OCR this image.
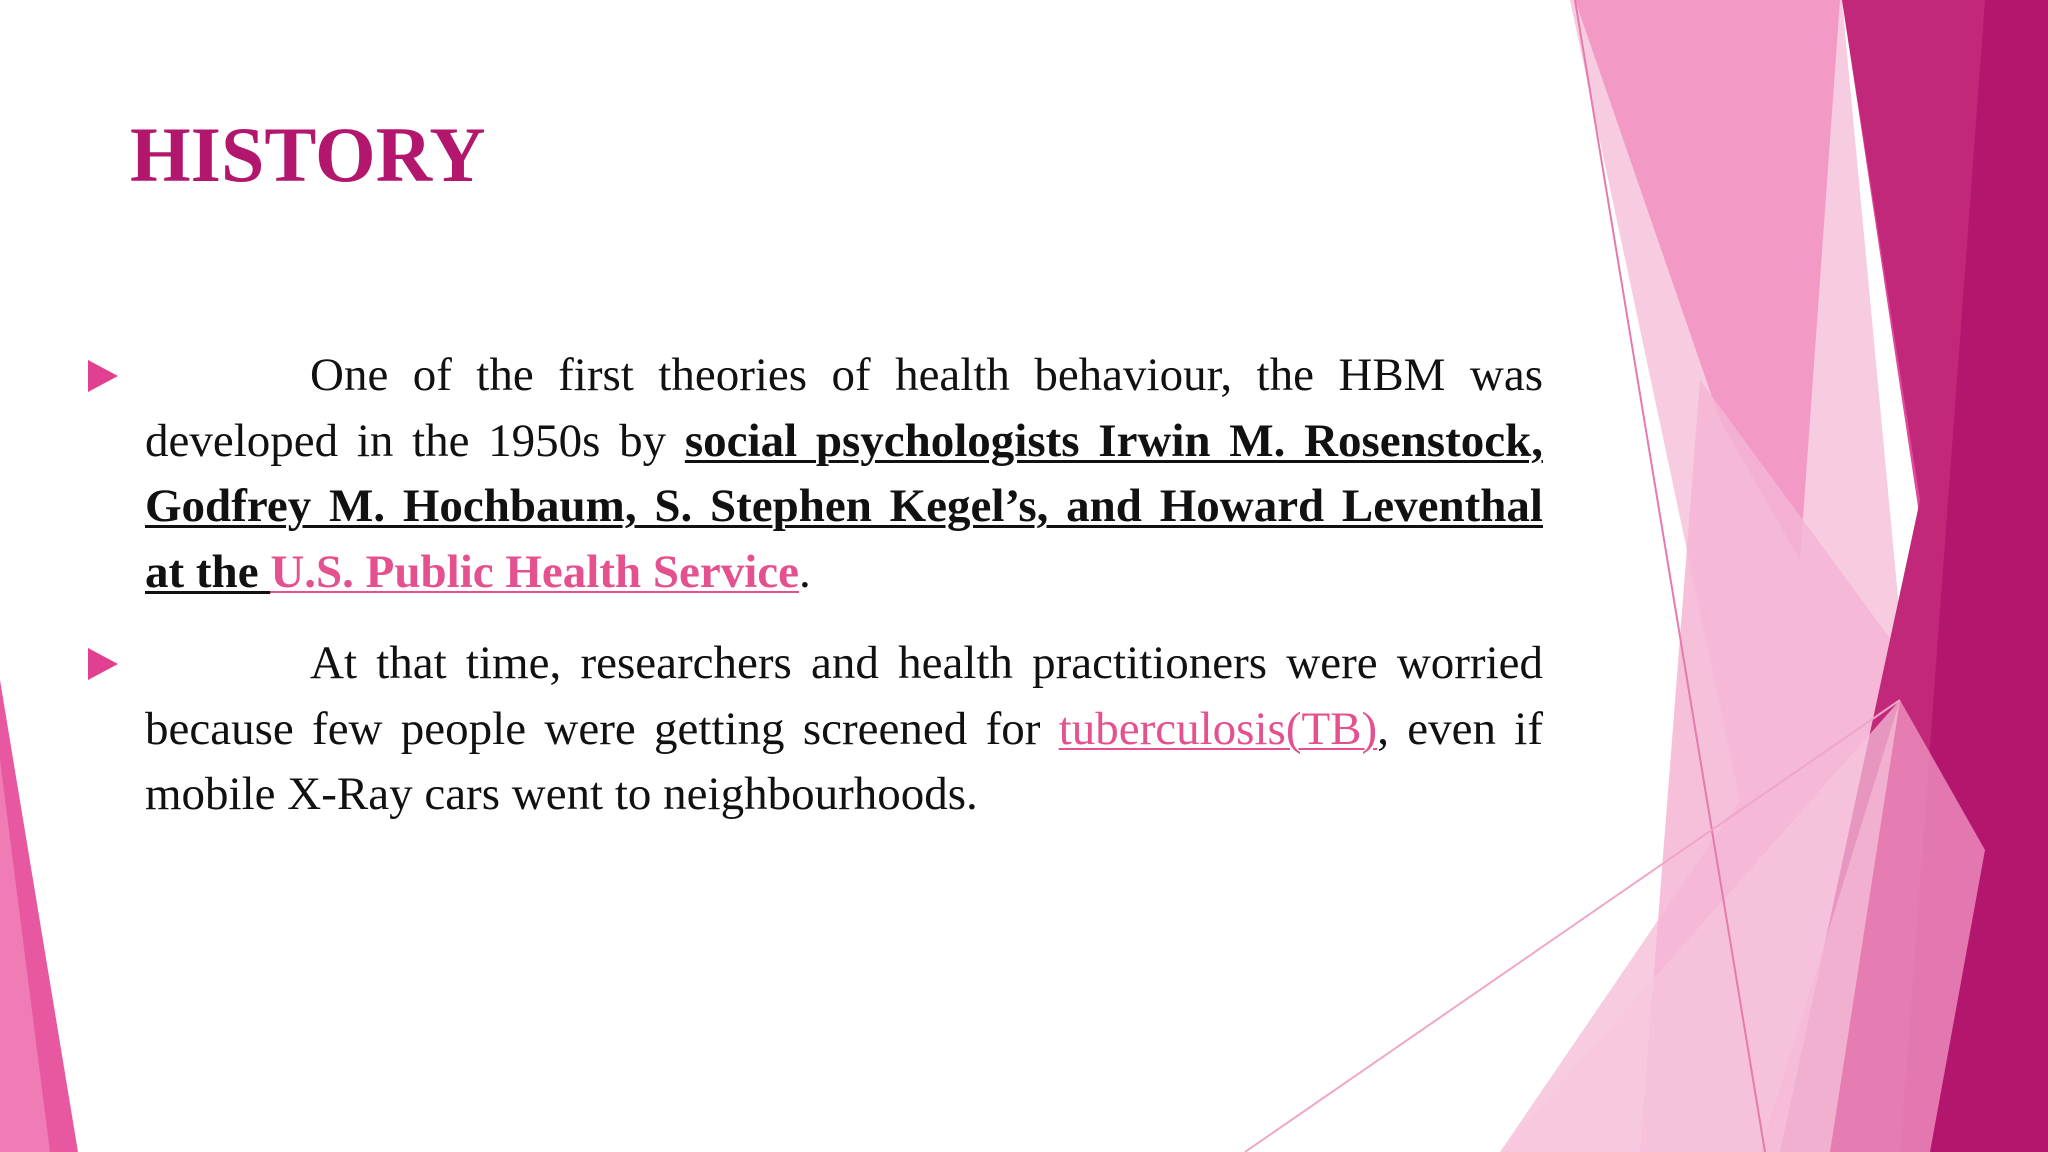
HISTORY

One of the first theories of health behaviour, the HBM was developed in the 1950s by social psychologists Irwin M. Rosenstock, Godfrey M. Hochbaum, S. Stephen Kegel’s, and Howard Leventhal at the U.S. Public Health Service.

At that time, researchers and health practitioners were worried because few people were getting screened for tuberculosis(TB), even if mobile X-Ray cars went to neighbourhoods.
